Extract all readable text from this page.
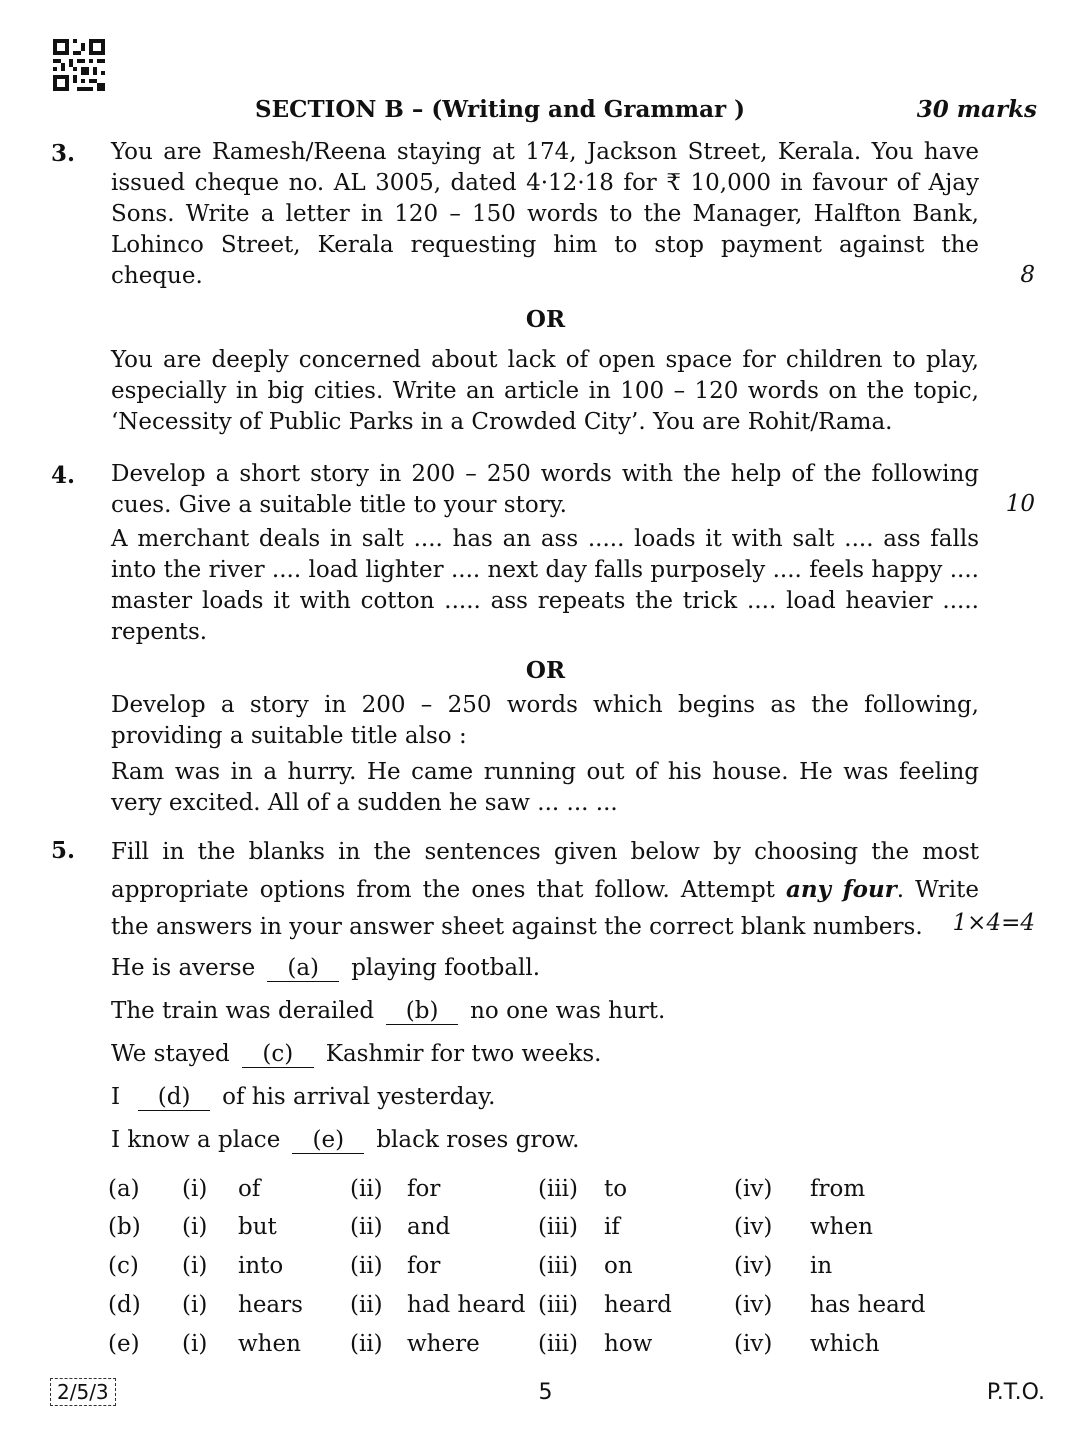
SECTION B – (Writing and Grammar )	30 marks
3. You are Ramesh/Reena staying at 174, Jackson Street, Kerala. You have
issued cheque no. AL 3005, dated 4·12·18 for ₹ 10,000 in favour of Ajay
Sons. Write a letter in 120 – 150 words to the Manager, Halfton Bank,
Lohinco Street, Kerala requesting him to stop payment against the
cheque.	8
OR
You are deeply concerned about lack of open space for children to play,
especially in big cities. Write an article in 100 – 120 words on the topic,
‘Necessity of Public Parks in a Crowded City’. You are Rohit/Rama.
4. Develop a short story in 200 – 250 words with the help of the following
cues. Give a suitable title to your story.	10
A merchant deals in salt .... has an ass ..... loads it with salt .... ass falls
into the river .... load lighter .... next day falls purposely .... feels happy ....
master loads it with cotton ..... ass repeats the trick .... load heavier .....
repents.
OR
Develop a story in 200 – 250 words which begins as the following,
providing a suitable title also :
Ram was in a hurry. He came running out of his house. He was feeling
very excited. All of a sudden he saw ... ... ...
5. Fill in the blanks in the sentences given below by choosing the most
appropriate options from the ones that follow. Attempt any four. Write
the answers in your answer sheet against the correct blank numbers.	1×4=4
He is averse (a) playing football.
The train was derailed (b) no one was hurt.
We stayed (c) Kashmir for two weeks.
I (d) of his arrival yesterday.
I know a place (e) black roses grow.
(a) (i) of	(ii) for	(iii) to	(iv) from
(b) (i) but	(ii) and	(iii) if	(iv) when
(c) (i) into	(ii) for	(iii) on	(iv) in
(d) (i) hears (ii) had heard (iii) heard	(iv) has heard
(e) (i) when (ii) where	(iii) how	(iv) which
2/5/3	5	P.T.O.
